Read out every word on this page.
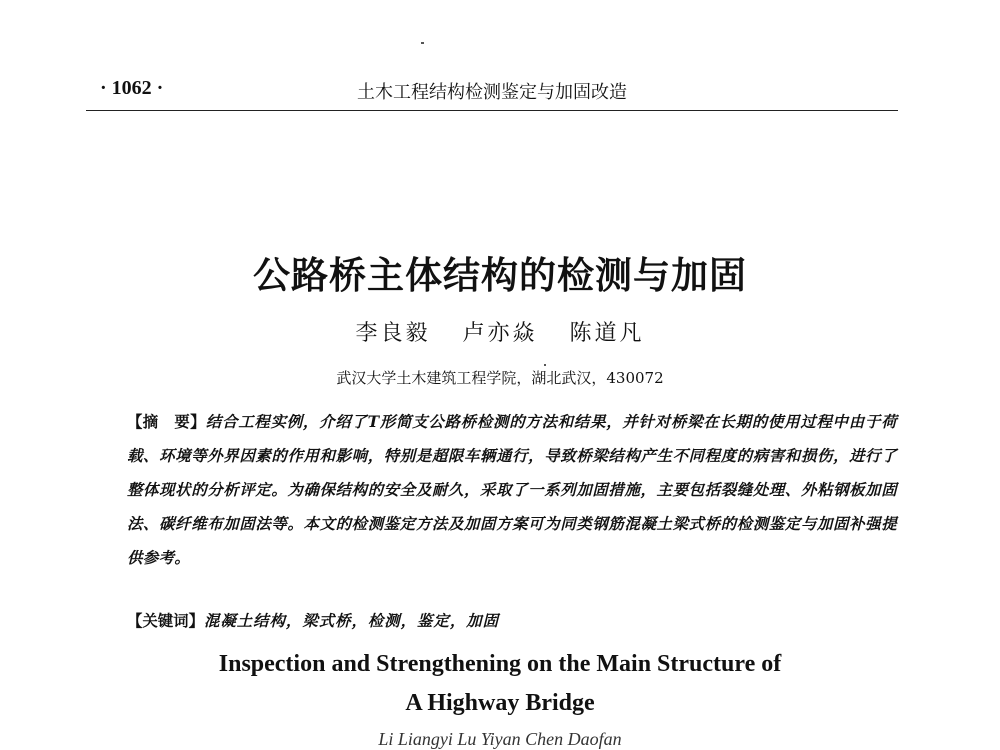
· 1062 ·	土木工程结构检测鉴定与加固改造
公路桥主体结构的检测与加固
李良毅 卢亦焱 陈道凡
武汉大学土木建筑工程学院，湖北武汉，430072
【摘　要】结合工程实例，介绍了T形简支公路桥检测的方法和结果，并针对桥梁在长期的使用过程中由于荷载、环境等外界因素的作用和影响，特别是超限车辆通行，导致桥梁结构产生不同程度的病害和损伤，进行了整体现状的分析评定。为确保结构的安全及耐久，采取了一系列加固措施，主要包括裂缝处理、外粘钢板加固法、碳纤维布加固法等。本文的检测鉴定方法及加固方案可为同类钢筋混凝土梁式桥的检测鉴定与加固补强提供参考。
【关键词】混凝土结构，梁式桥，检测，鉴定，加固
Inspection and Strengthening on the Main Structure of
A Highway Bridge
Li Liangyi Lu Yiyan Chen Daofan
